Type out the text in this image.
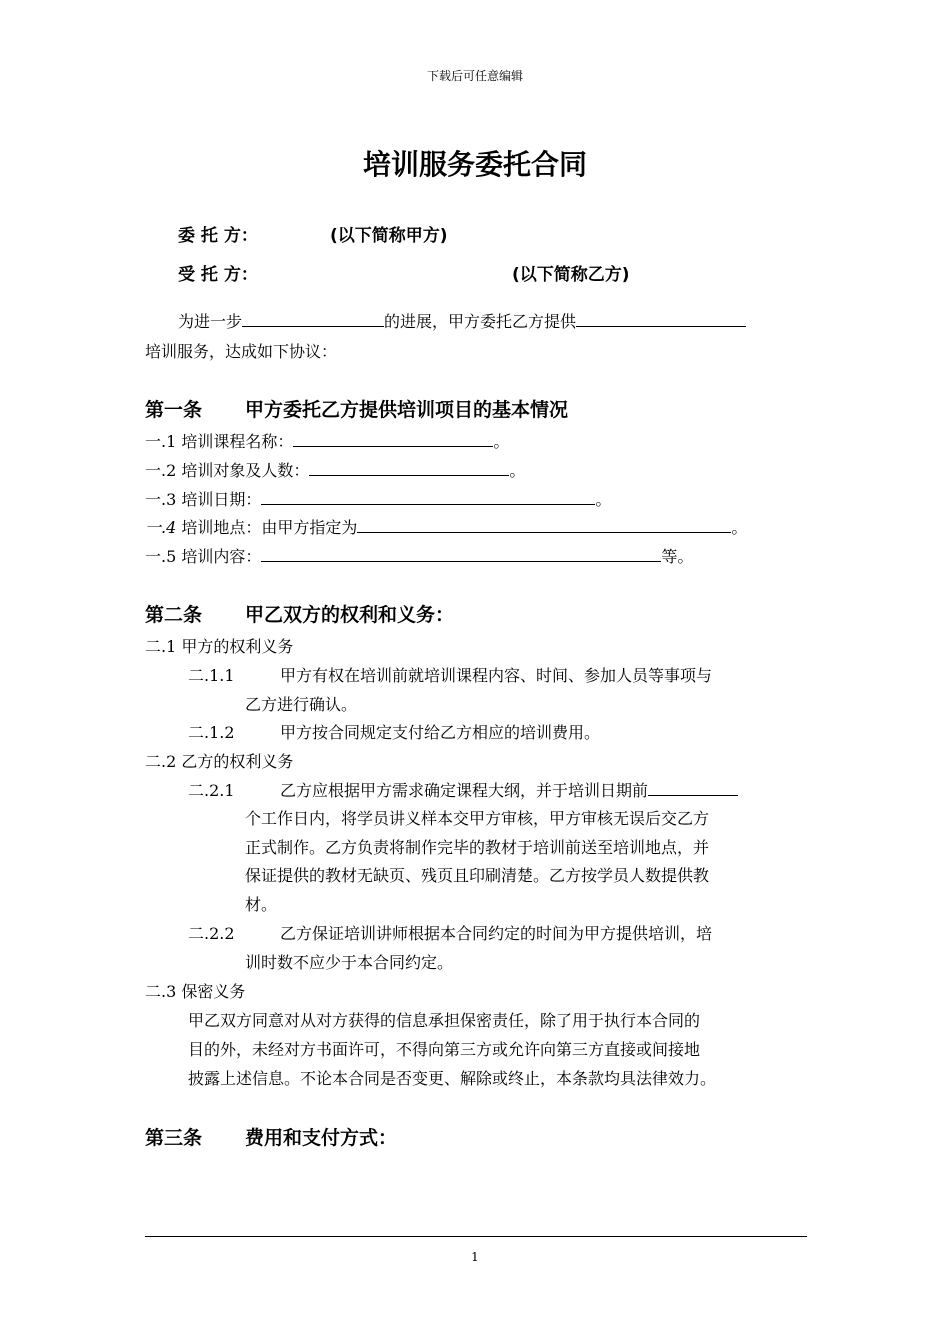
下载后可任意编辑
培训服务委托合同
委 托 方：	(以下简称甲方)
受 托 方：	(以下简称乙方)
为进一步	的进展，甲方委托乙方提供
培训服务，达成如下协议：
第一条 甲方委托乙方提供培训项目的基本情况
一.1 培训课程名称：	。
一.2 培训对象及人数：	。
一.3 培训日期：	。
一.4 培训地点：由甲方指定为	。
一.5 培训内容：	等。
第二条 甲乙双方的权利和义务：
二.1 甲方的权利义务
二.1.1	甲方有权在培训前就培训课程内容、时间、参加人员等事项与
乙方进行确认。
二.1.2	甲方按合同规定支付给乙方相应的培训费用。
二.2 乙方的权利义务
二.2.1	乙方应根据甲方需求确定课程大纲，并于培训日期前
个工作日内，将学员讲义样本交甲方审核，甲方审核无误后交乙方
正式制作。乙方负责将制作完毕的教材于培训前送至培训地点，并
保证提供的教材无缺页、残页且印刷清楚。乙方按学员人数提供教
材。
二.2.2	乙方保证培训讲师根据本合同约定的时间为甲方提供培训，培
训时数不应少于本合同约定。
二.3 保密义务
甲乙双方同意对从对方获得的信息承担保密责任，除了用于执行本合同的
目的外，未经对方书面许可，不得向第三方或允许向第三方直接或间接地
披露上述信息。不论本合同是否变更、解除或终止，本条款均具法律效力。
第三条 费用和支付方式：
1
